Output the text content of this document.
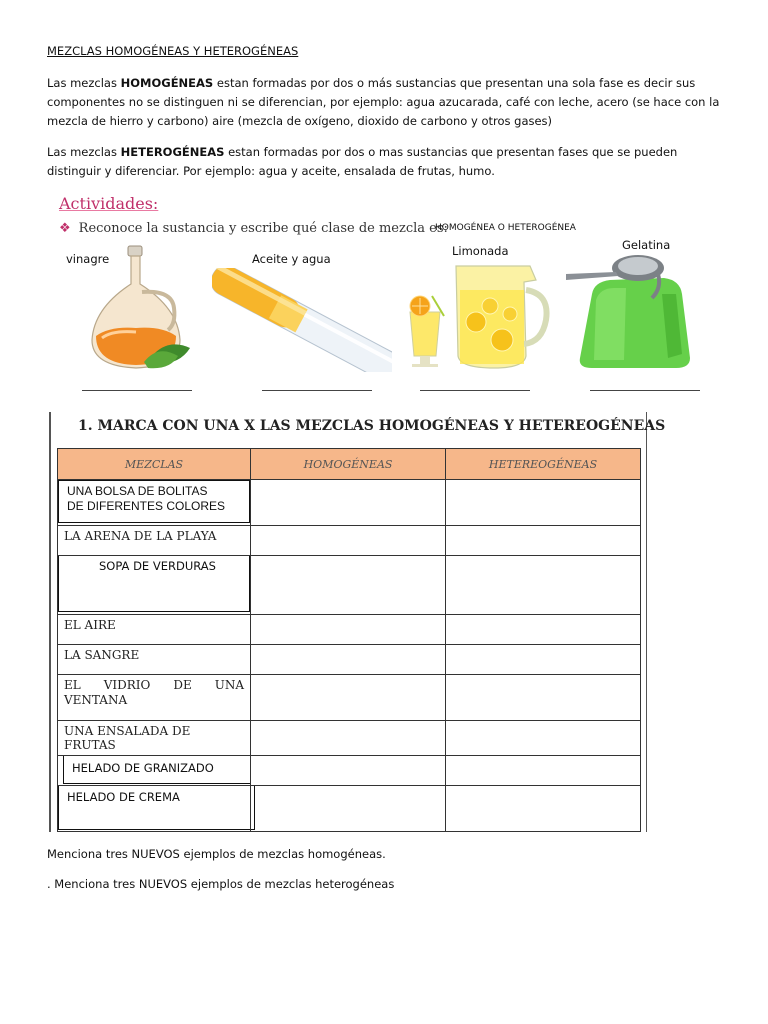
MEZCLAS HOMOGÉNEAS Y HETEROGÉNEAS
Las mezclas HOMOGÉNEAS estan formadas por dos o más sustancias que presentan una sola fase es decir sus componentes no se distinguen ni se diferencian, por ejemplo: agua azucarada, café con leche, acero (se hace con la mezcla de hierro y carbono) aire (mezcla de oxígeno, dioxido de carbono y otros gases)
Las mezclas HETEROGÉNEAS estan formadas por dos o mas sustancias que presentan fases que se pueden distinguir y diferenciar. Por ejemplo: agua y aceite, ensalada de frutas, humo.
Actividades:
❖ Reconoce la sustancia y escribe qué clase de mezcla es:
HOMOGÉNEA O HETEROGÉNEA
vinagre	Aceite y agua
Limonada	Gelatina
1. MARCA CON UNA X LAS MEZCLAS HOMOGÉNEAS Y HETEREOGÉNEAS
MEZCLAS	HOMOGÉNEAS	HETEREOGÉNEAS

UNA BOLSA DE BOLITAS
DE DIFERENTES COLORES		

LA ARENA DE LA PLAYA		

SOPA DE VERDURAS		

EL AIRE		

LA SANGRE		

EL VIDRIO DE UNA
VENTANA		

UNA ENSALADA DE FRUTAS		

HELADO DE GRANIZADO		

HELADO DE CREMA		

Menciona tres NUEVOS ejemplos de mezclas homogéneas.
. Menciona tres NUEVOS ejemplos de mezclas heterogéneas
